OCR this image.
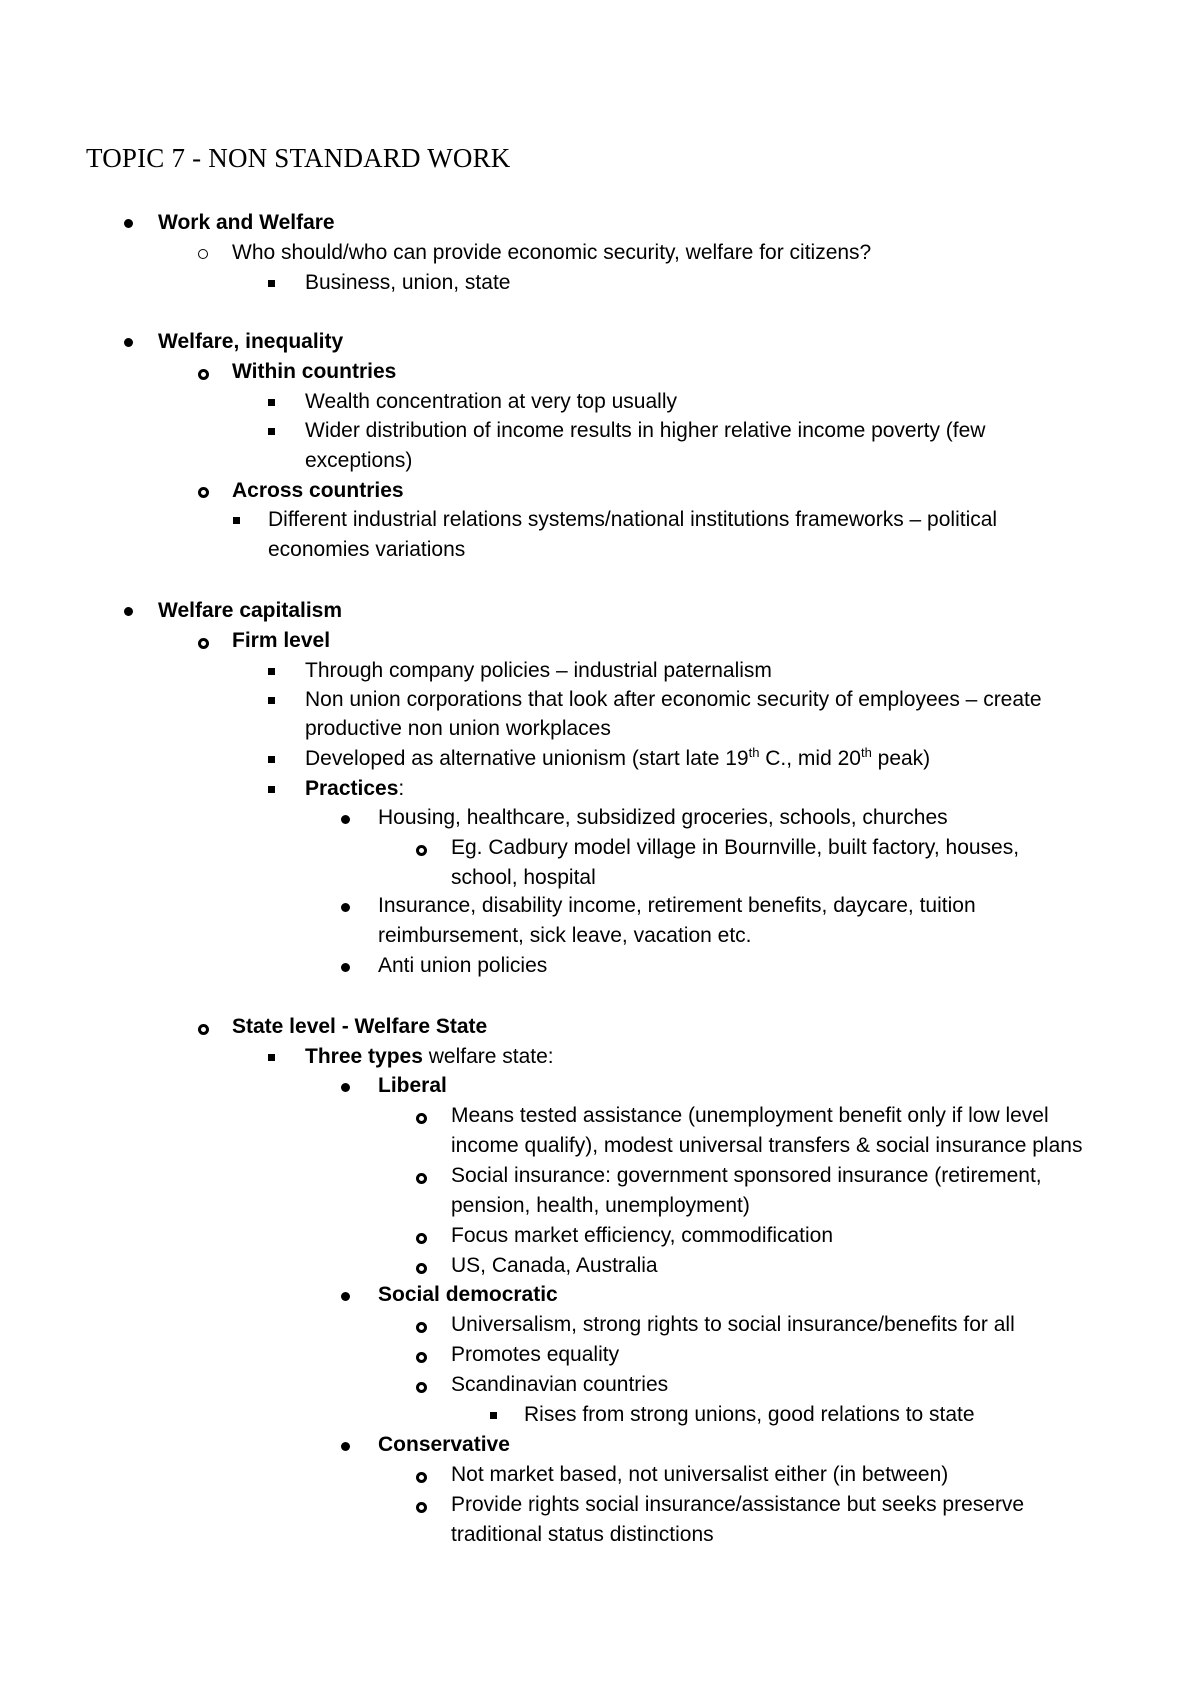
TOPIC 7 - NON STANDARD WORK
Work and Welfare
Who should/who can provide economic security, welfare for citizens?
Business, union, state
Welfare, inequality
Within countries
Wealth concentration at very top usually
Wider distribution of income results in higher relative income poverty (few
exceptions)
Across countries
Different industrial relations systems/national institutions frameworks – political
economies variations
Welfare capitalism
Firm level
Through company policies – industrial paternalism
Non union corporations that look after economic security of employees – create
productive non union workplaces
Developed as alternative unionism (start late 19th C., mid 20th peak)
Practices:
Housing, healthcare, subsidized groceries, schools, churches
Eg. Cadbury model village in Bournville, built factory, houses,
school, hospital
Insurance, disability income, retirement benefits, daycare, tuition
reimbursement, sick leave, vacation etc.
Anti union policies
State level - Welfare State
Three types welfare state:
Liberal
Means tested assistance (unemployment benefit only if low level
income qualify), modest universal transfers & social insurance plans
Social insurance: government sponsored insurance (retirement,
pension, health, unemployment)
Focus market efficiency, commodification
US, Canada, Australia
Social democratic
Universalism, strong rights to social insurance/benefits for all
Promotes equality
Scandinavian countries
Rises from strong unions, good relations to state
Conservative
Not market based, not universalist either (in between)
Provide rights social insurance/assistance but seeks preserve
traditional status distinctions
